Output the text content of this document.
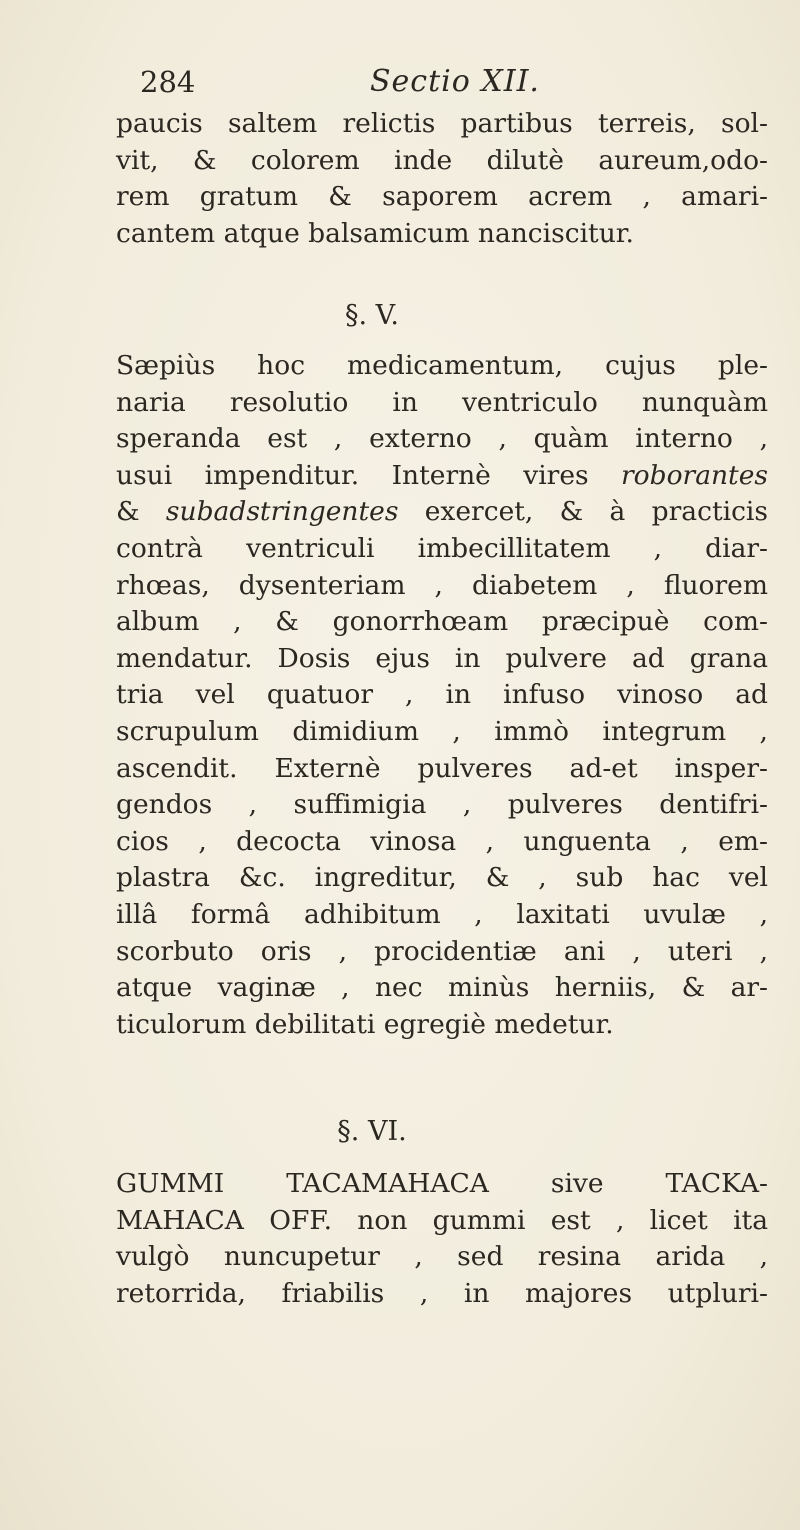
284	Sectio XII.
paucis saltem relictis partibus terreis, sol-
vit, & colorem inde dilutè aureum,odo-
rem gratum & saporem acrem , amari-
cantem atque balsamicum nanciscitur.
§. V.
Sæpiùs hoc medicamentum, cujus ple-
naria resolutio in ventriculo nunquàm
speranda est , externo , quàm interno ,
usui impenditur. Internè vires roborantes
& subadstringentes exercet, & à practicis
contrà ventriculi imbecillitatem , diar-
rhœas, dysenteriam , diabetem , fluorem
album , & gonorrhœam præcipuè com-
mendatur. Dosis ejus in pulvere ad grana
tria vel quatuor , in infuso vinoso ad
scrupulum dimidium , immò integrum ,
ascendit. Externè pulveres ad-et insper-
gendos , suffimigia , pulveres dentifri-
cios , decocta vinosa , unguenta , em-
plastra &c. ingreditur, & , sub hac vel
illâ formâ adhibitum , laxitati uvulæ ,
scorbuto oris , procidentiæ ani , uteri ,
atque vaginæ , nec minùs herniis, & ar-
ticulorum debilitati egregiè medetur.
§. VI.
GUMMI TACAMAHACA sive TACKA-
MAHACA OFF. non gummi est , licet ita
vulgò nuncupetur , sed resina arida ,
retorrida, friabilis , in majores utpluri-
